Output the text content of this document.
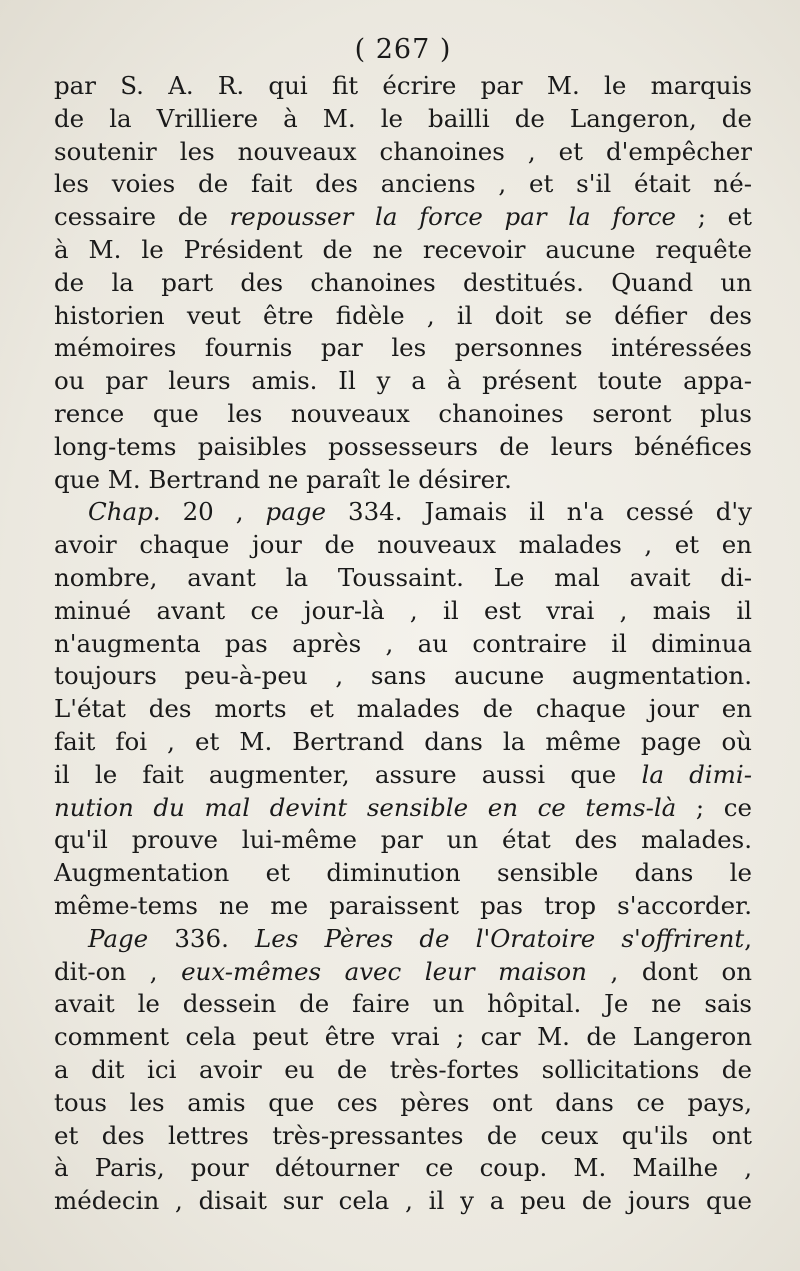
( 267 )
par S. A. R. qui fit écrire par M. le marquis
de la Vrilliere à M. le bailli de Langeron, de
soutenir les nouveaux chanoines , et d'empêcher
les voies de fait des anciens , et s'il était né-
cessaire de repousser la force par la force ; et
à M. le Président de ne recevoir aucune requête
de la part des chanoines destitués. Quand un
historien veut être fidèle , il doit se défier des
mémoires fournis par les personnes intéressées
ou par leurs amis. Il y a à présent toute appa-
rence que les nouveaux chanoines seront plus
long-tems paisibles possesseurs de leurs bénéfices
que M. Bertrand ne paraît le désirer.
Chap. 20 , page 334. Jamais il n'a cessé d'y
avoir chaque jour de nouveaux malades , et en
nombre, avant la Toussaint. Le mal avait di-
minué avant ce jour-là , il est vrai , mais il
n'augmenta pas après , au contraire il diminua
toujours peu-à-peu , sans aucune augmentation.
L'état des morts et malades de chaque jour en
fait foi , et M. Bertrand dans la même page où
il le fait augmenter, assure aussi que la dimi-
nution du mal devint sensible en ce tems-là ; ce
qu'il prouve lui-même par un état des malades.
Augmentation et diminution sensible dans le
même-tems ne me paraissent pas trop s'accorder.
Page 336. Les Pères de l'Oratoire s'offrirent,
dit-on , eux-mêmes avec leur maison , dont on
avait le dessein de faire un hôpital. Je ne sais
comment cela peut être vrai ; car M. de Langeron
a dit ici avoir eu de très-fortes sollicitations de
tous les amis que ces pères ont dans ce pays,
et des lettres très-pressantes de ceux qu'ils ont
à Paris, pour détourner ce coup. M. Mailhe ,
médecin , disait sur cela , il y a peu de jours que
